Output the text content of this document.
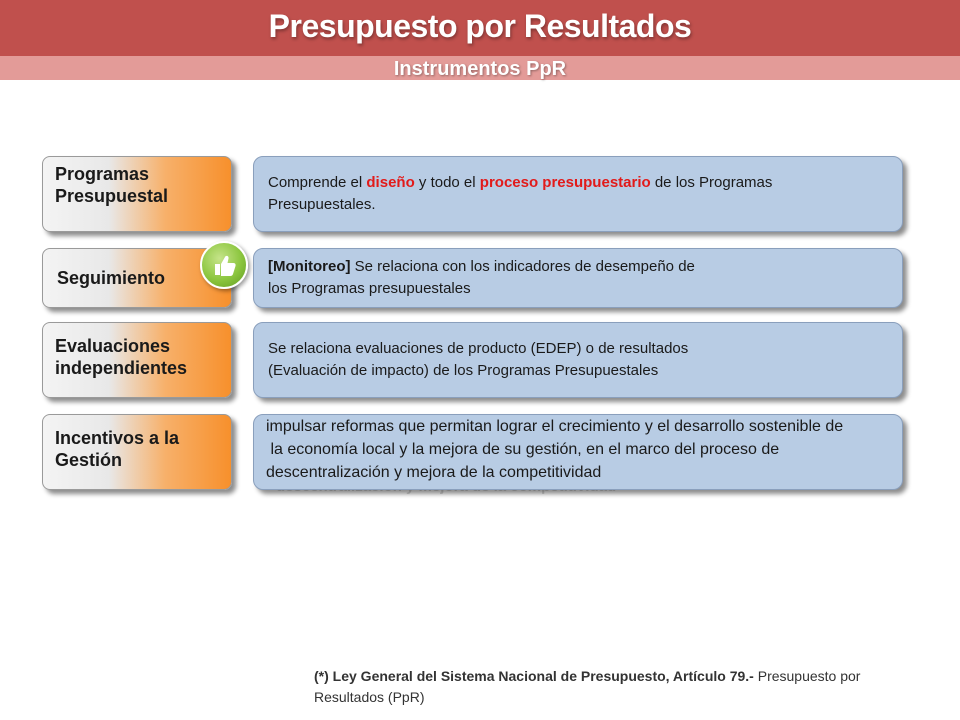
Presupuesto por Resultados
Instrumentos PpR
Programas
Presupuestal
Comprende el diseño y todo el proceso presupuestario de los Programas
Presupuestales.
Seguimiento
[Monitoreo] Se relaciona con los indicadores de desempeño de
los Programas presupuestales
Evaluaciones
independientes
Se relaciona evaluaciones de producto (EDEP) o de resultados
(Evaluación de impacto) de los Programas Presupuestales
Incentivos a la
Gestión
impulsar reformas que permitan lograr el crecimiento y el desarrollo sostenible de
la economía local y la mejora de su gestión, en el marco del proceso de
descentralización y mejora de la competitividad
(*) Ley General del Sistema Nacional de Presupuesto, Artículo 79.- Presupuesto por Resultados (PpR)
